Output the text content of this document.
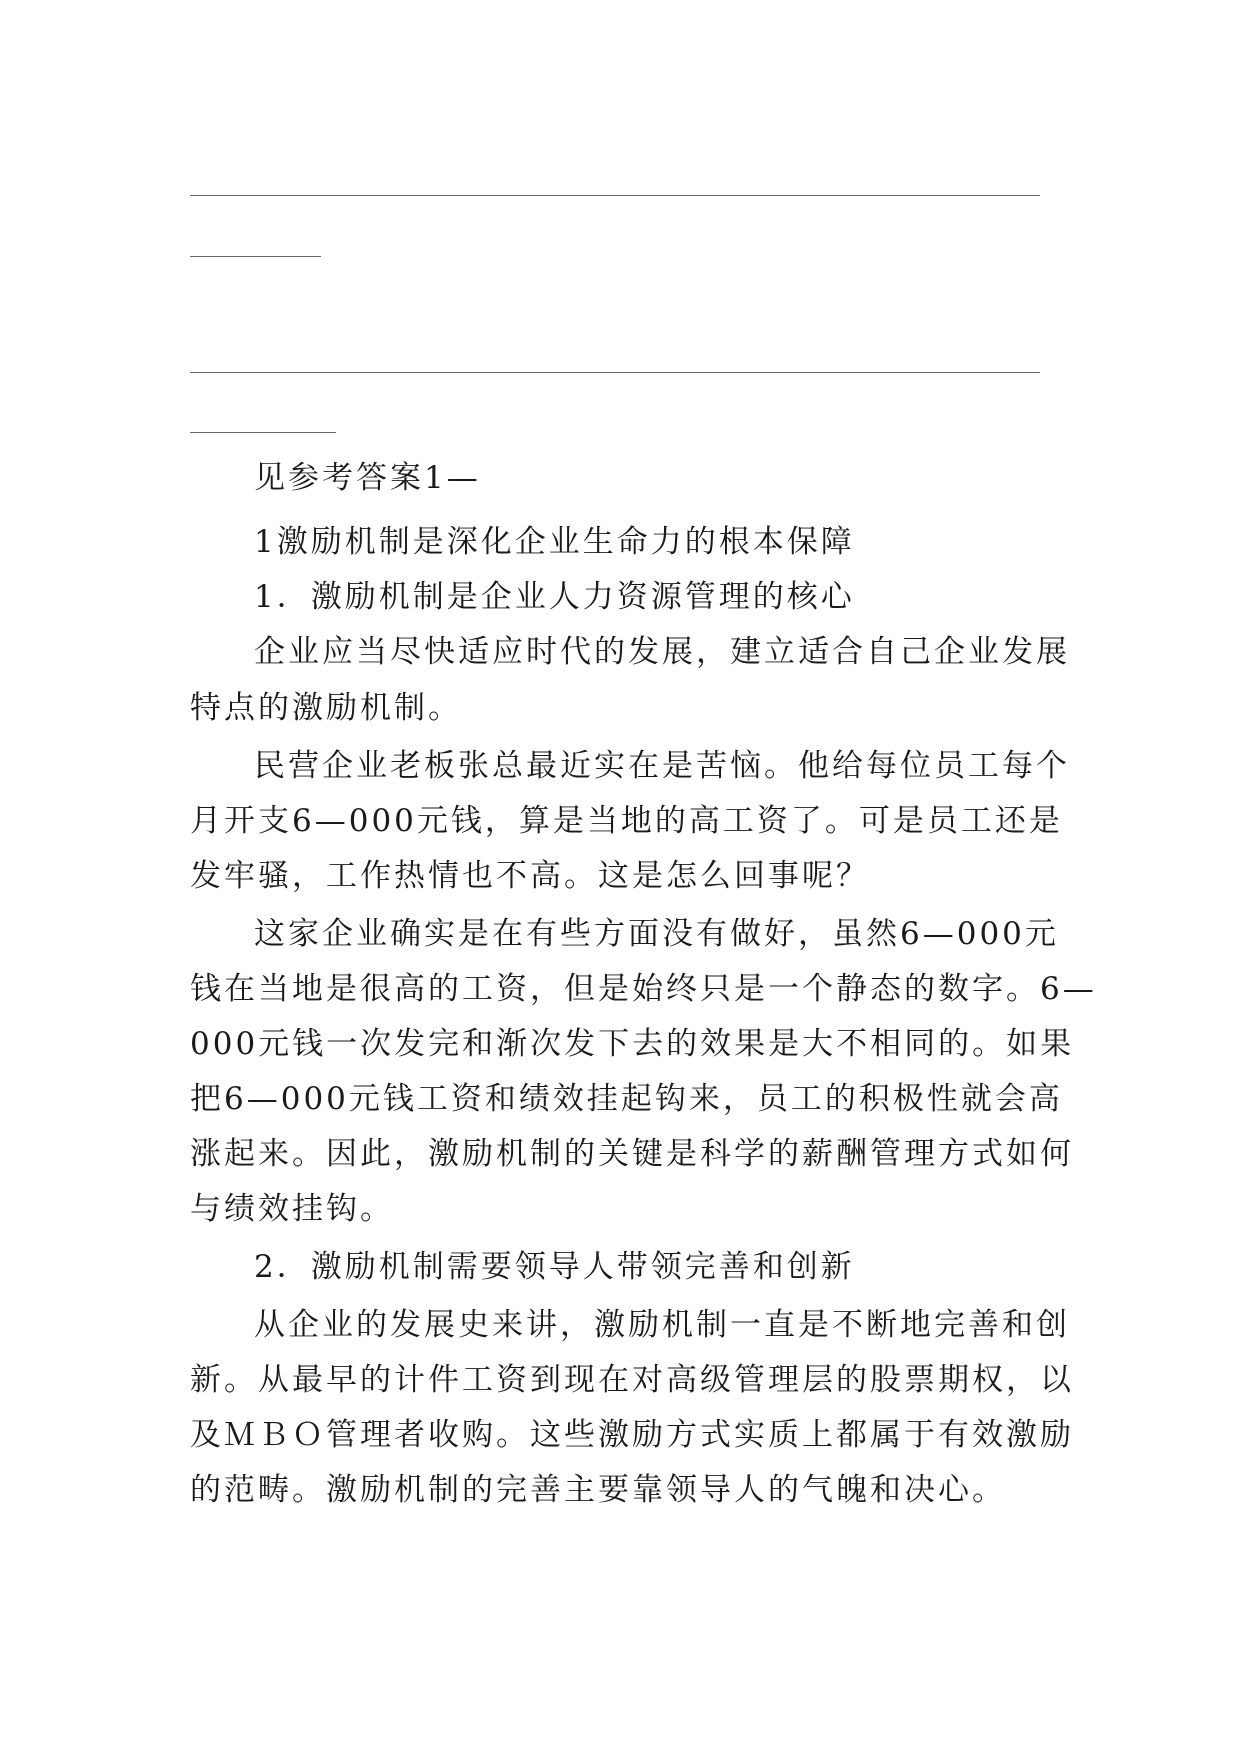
见参考答案1—
1激励机制是深化企业生命力的根本保障
1．激励机制是企业人力资源管理的核心
企业应当尽快适应时代的发展，建立适合自己企业发展
特点的激励机制。
民营企业老板张总最近实在是苦恼。他给每位员工每个
月开支6—000元钱，算是当地的高工资了。可是员工还是
发牢骚，工作热情也不高。这是怎么回事呢？
这家企业确实是在有些方面没有做好，虽然6—000元
钱在当地是很高的工资，但是始终只是一个静态的数字。6—
000元钱一次发完和渐次发下去的效果是大不相同的。如果
把6—000元钱工资和绩效挂起钩来，员工的积极性就会高
涨起来。因此，激励机制的关键是科学的薪酬管理方式如何
与绩效挂钩。
2．激励机制需要领导人带领完善和创新
从企业的发展史来讲，激励机制一直是不断地完善和创
新。从最早的计件工资到现在对高级管理层的股票期权，以
及ＭＢＯ管理者收购。这些激励方式实质上都属于有效激励
的范畴。激励机制的完善主要靠领导人的气魄和决心。
